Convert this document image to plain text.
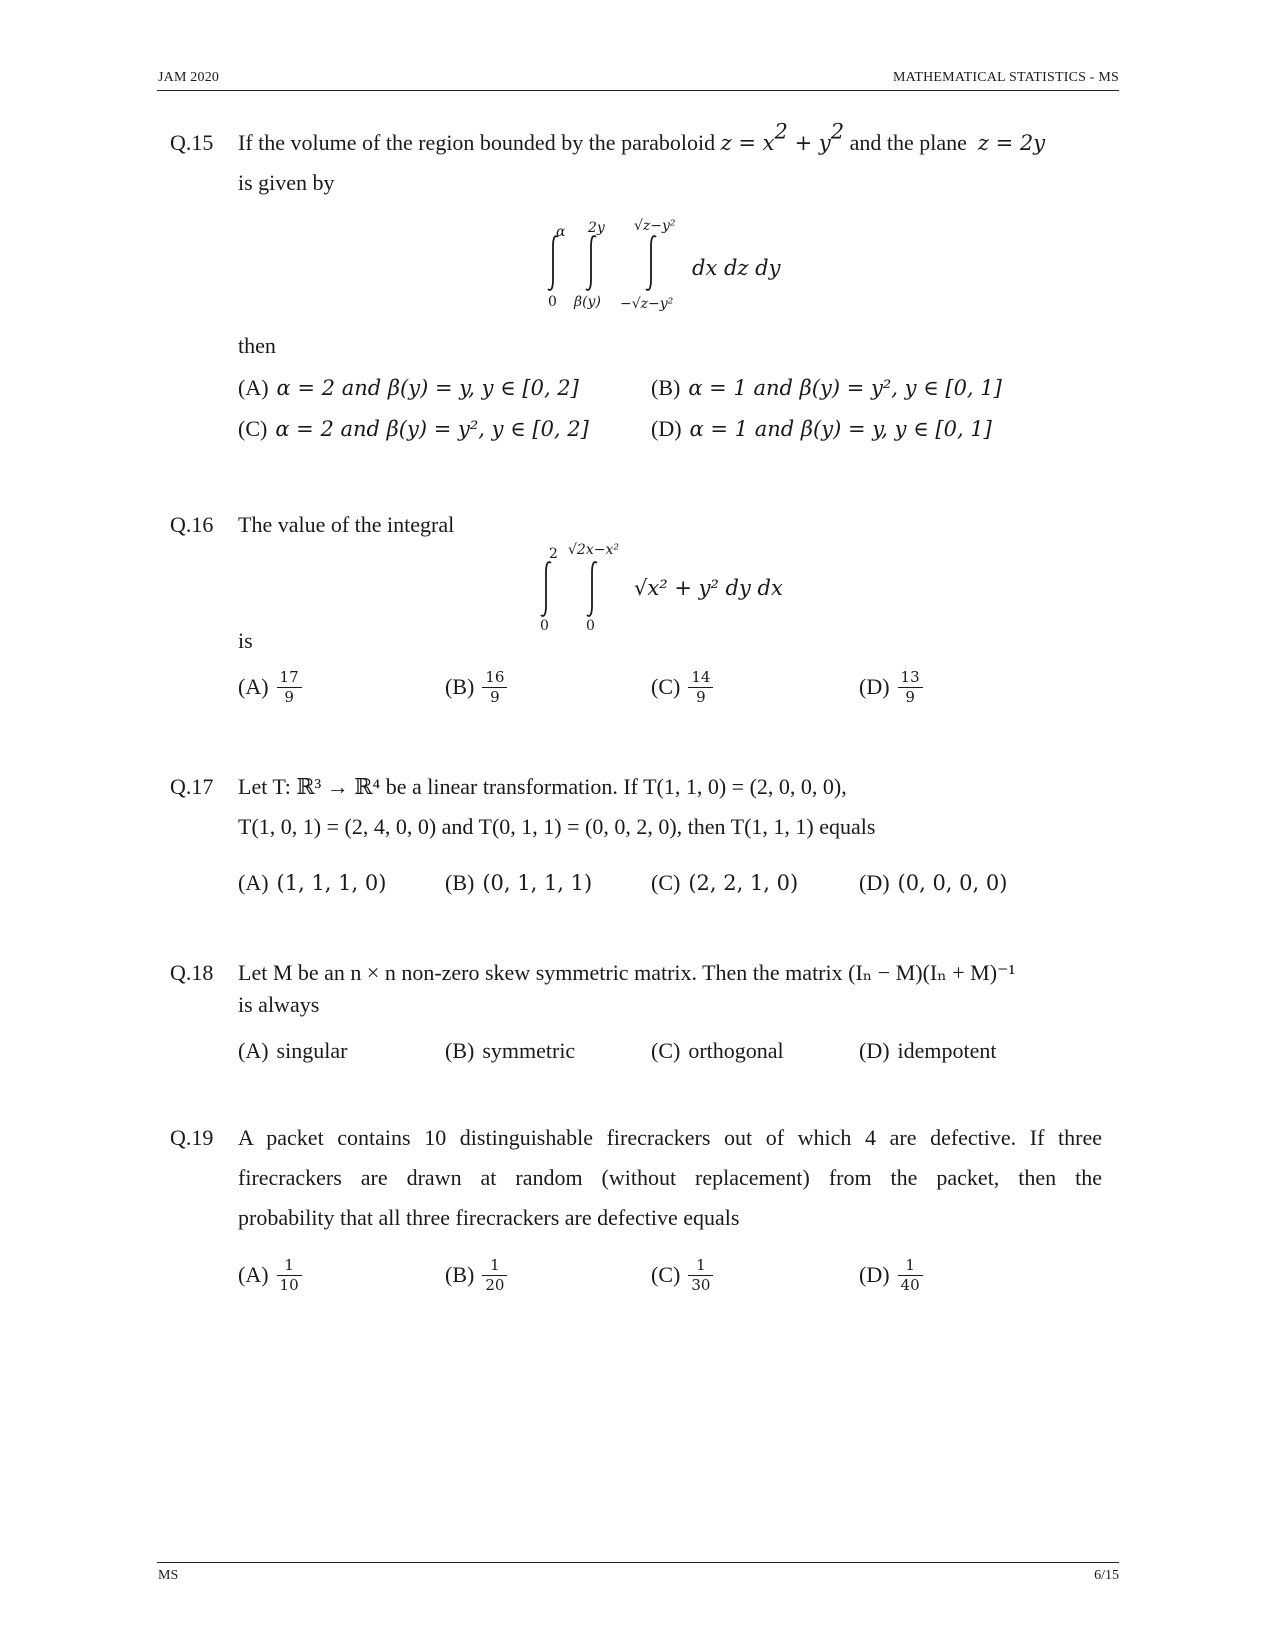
JAM 2020	MATHEMATICAL STATISTICS - MS
MS	6/15
Q.15 If the volume of the region bounded by the paraboloid $z = x^2 + y^2$ and the plane z = 2y
is given by
α 2y √z−y²
0 β(y) −√z−y²
dx dz dy
then
(A) α = 2 and β(y) = y, y ∈ [0, 2]	(B) α = 1 and β(y) = y², y ∈ [0, 1]
(C) α = 2 and β(y) = y², y ∈ [0, 2]	(D) α = 1 and β(y) = y, y ∈ [0, 1]
Q.16 The value of the integral
2 √2x−x²
0	0
√x² + y² dy dx
is
$(A) \frac{17}{9}$	$(B) \frac{16}{9}$	$(C) \frac{14}{9}$	$(D) \frac{13}{9}$
Q.17 Let T: ℝ³ → ℝ⁴ be a linear transformation. If T(1, 1, 0) = (2, 0, 0, 0),
T(1, 0, 1) = (2, 4, 0, 0) and T(0, 1, 1) = (0, 0, 2, 0), then T(1, 1, 1) equals
(A) (1, 1, 1, 0)	(B) (0, 1, 1, 1)	(C) (2, 2, 1, 0)	(D) (0, 0, 0, 0)
Q.18 Let M be an n × n non-zero skew symmetric matrix. Then the matrix (Iₙ − M)(Iₙ + M)⁻¹
is always
(A) singular	(B) symmetric	(C) orthogonal	(D) idempotent
Q.19 A packet contains 10 distinguishable firecrackers out of which 4 are defective. If three
firecrackers are drawn at random (without replacement) from the packet, then the
probability that all three firecrackers are defective equals
$(A) \frac{1}{10}$	$(B) \frac{1}{20}$	$(C) \frac{1}{30}$	$(D) \frac{1}{40}$
